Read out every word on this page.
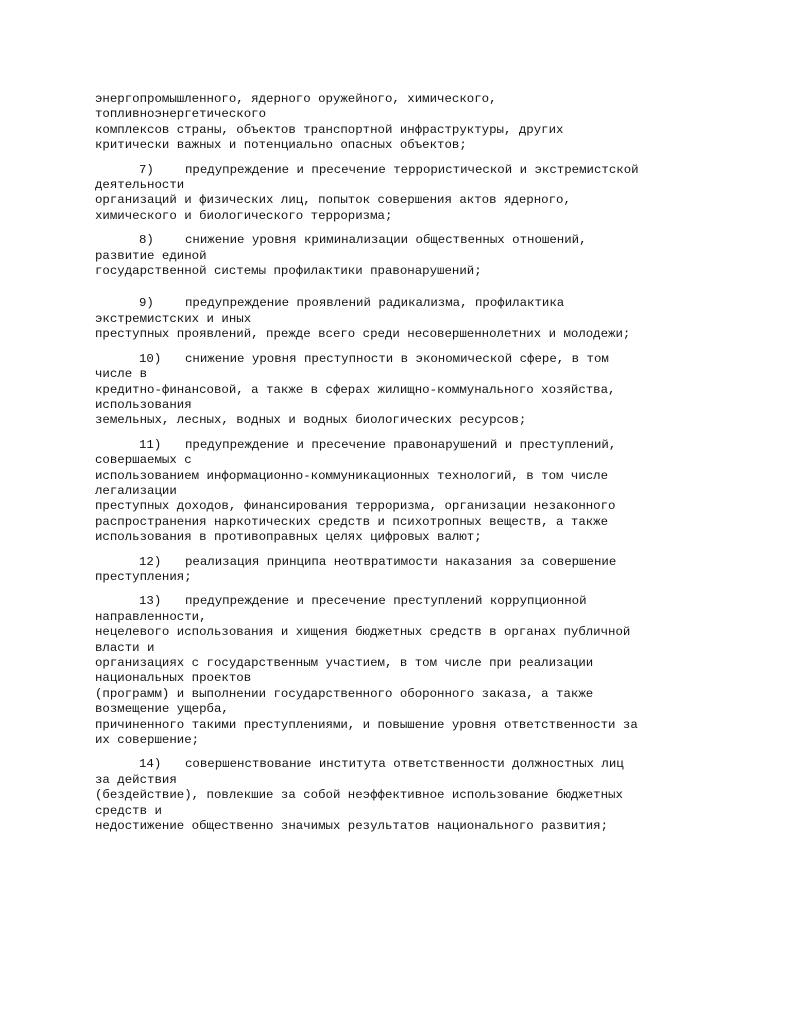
энергопромышленного, ядерного оружейного, химического,
топливноэнергетического
комплексов страны, объектов транспортной инфраструктуры, других
критически важных и потенциально опасных объектов;
7)	предупреждение и пресечение террористической и экстремистской
деятельности
организаций и физических лиц, попыток совершения актов ядерного,
химического и биологического терроризма;
8)	снижение уровня криминализации общественных отношений,
развитие единой
государственной системы профилактики правонарушений;
9)	предупреждение проявлений радикализма, профилактика
экстремистских и иных
преступных проявлений, прежде всего среди несовершеннолетних и молодежи;
10) снижение уровня преступности в экономической сфере, в том
числе в
кредитно-финансовой, а также в сферах жилищно-коммунального хозяйства,
использования
земельных, лесных, водных и водных биологических ресурсов;
11) предупреждение и пресечение правонарушений и преступлений,
совершаемых с
использованием информационно-коммуникационных технологий, в том числе
легализации
преступных доходов, финансирования терроризма, организации незаконного
распространения наркотических средств и психотропных веществ, а также
использования в противоправных целях цифровых валют;
12) реализация принципа неотвратимости наказания за совершение
преступления;
13) предупреждение и пресечение преступлений коррупционной
направленности,
нецелевого использования и хищения бюджетных средств в органах публичной
власти и
организациях с государственным участием, в том числе при реализации
национальных проектов
(программ) и выполнении государственного оборонного заказа, а также
возмещение ущерба,
причиненного такими преступлениями, и повышение уровня ответственности за
их совершение;
14) совершенствование института ответственности должностных лиц
за действия
(бездействие), повлекшие за собой неэффективное использование бюджетных
средств и
недостижение общественно значимых результатов национального развития;
